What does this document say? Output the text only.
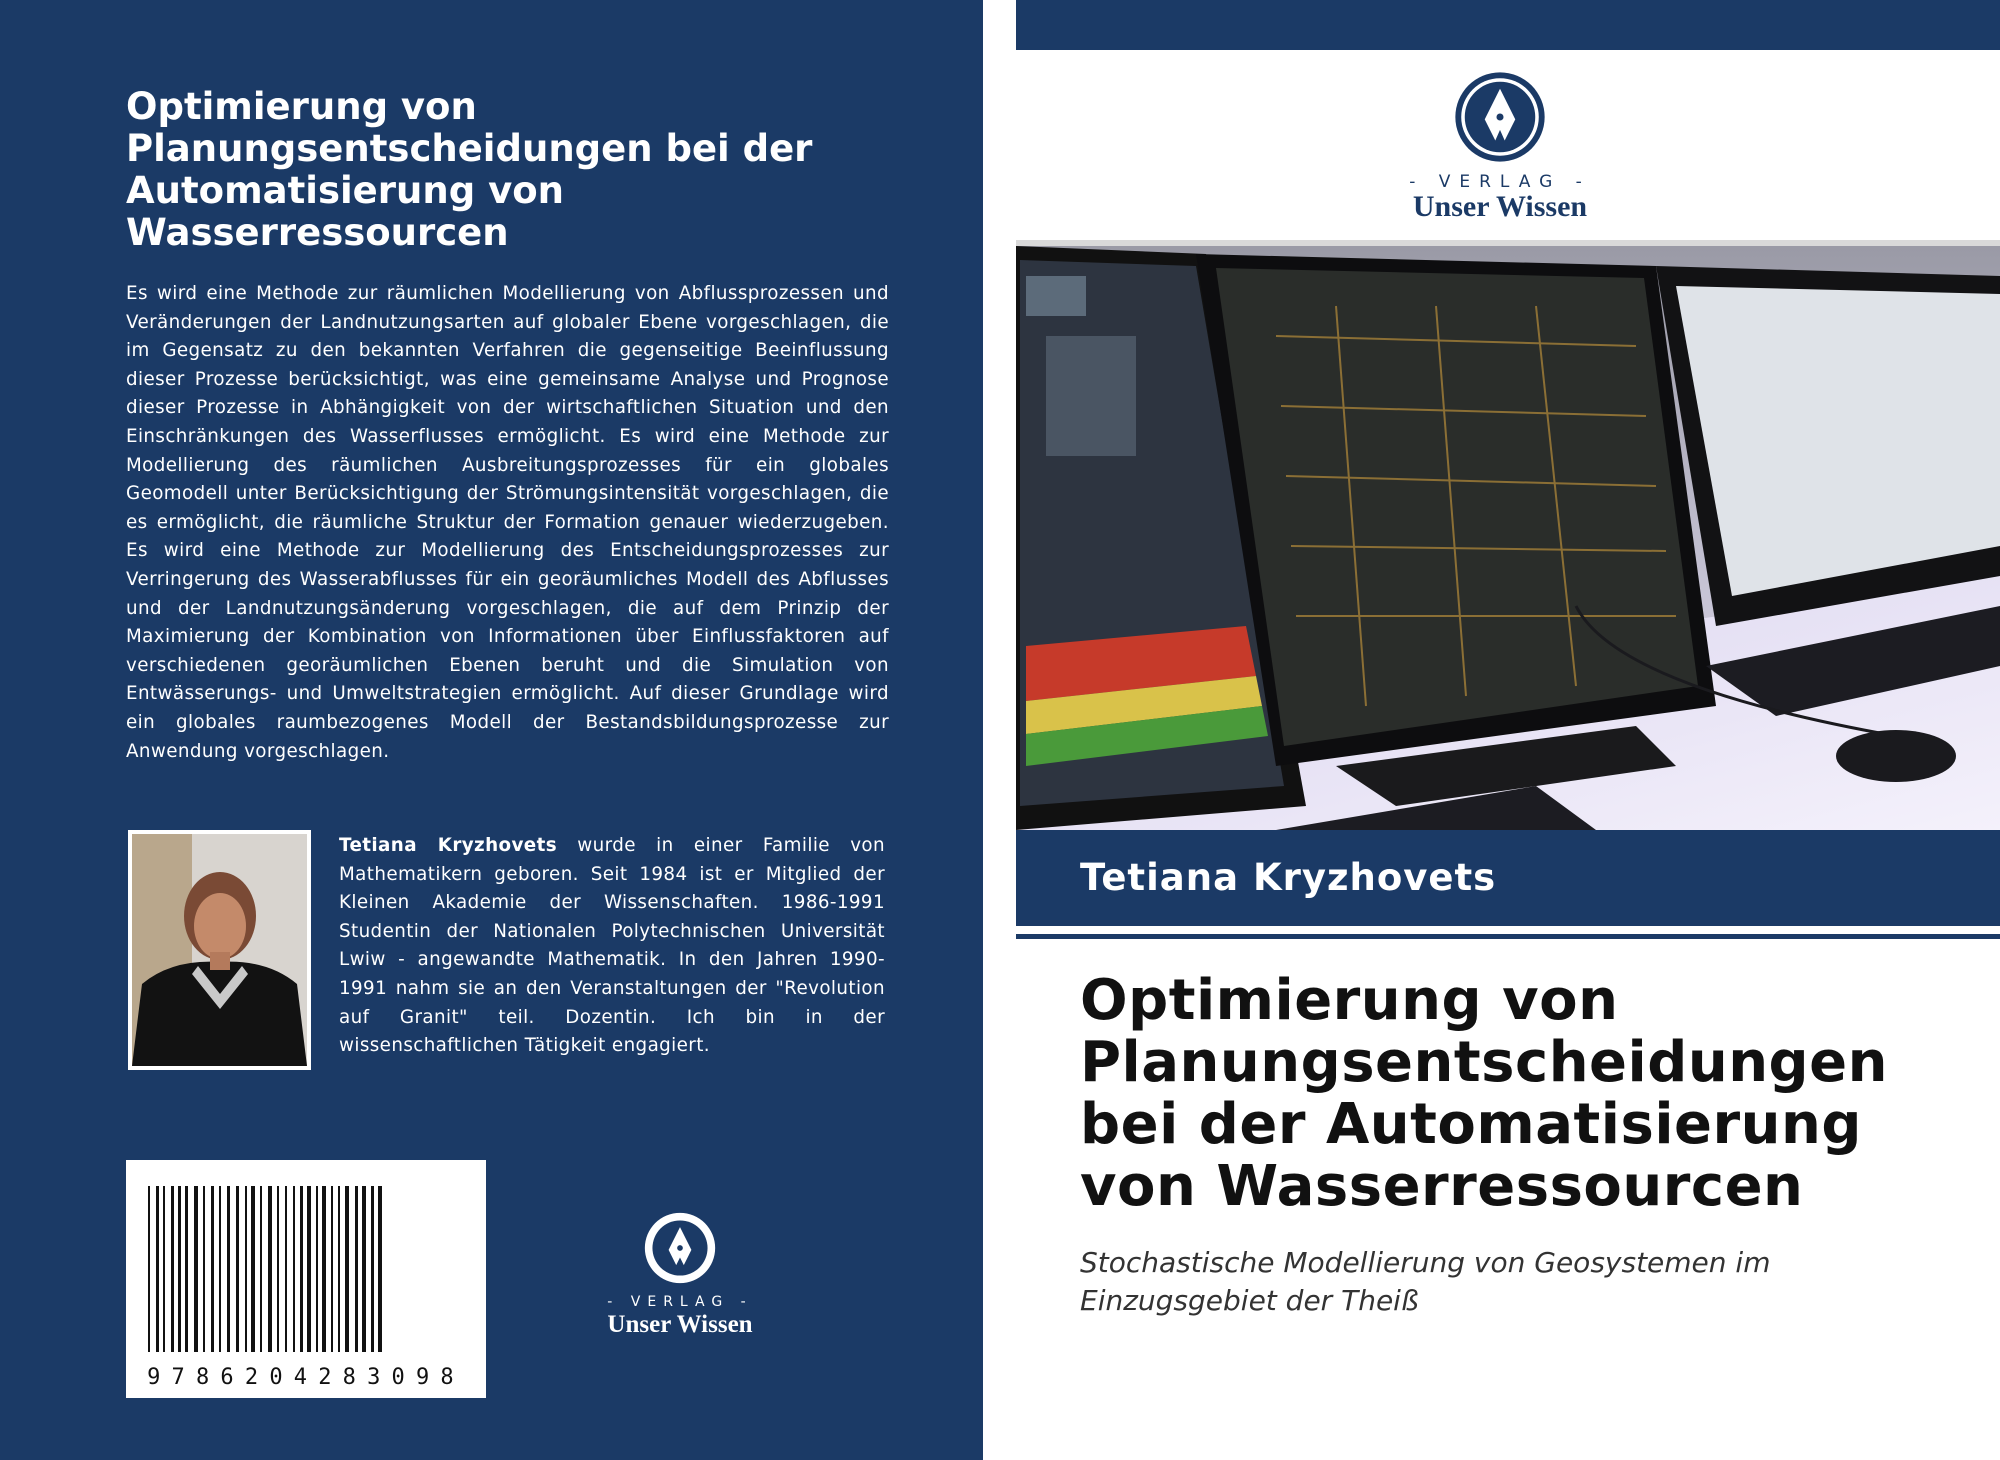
Optimierung von Planungsentscheidungen bei der Automatisierung von Wasserressourcen

Es wird eine Methode zur räumlichen Modellierung von Abflussprozessen und Veränderungen der Landnutzungsarten auf globaler Ebene vorgeschlagen, die im Gegensatz zu den bekannten Verfahren die gegenseitige Beeinflussung dieser Prozesse berücksichtigt, was eine gemeinsame Analyse und Prognose dieser Prozesse in Abhängigkeit von der wirtschaftlichen Situation und den Einschränkungen des Wasserflusses ermöglicht. Es wird eine Methode zur Modellierung des räumlichen Ausbreitungsprozesses für ein globales Geomodell unter Berücksichtigung der Strömungsintensität vorgeschlagen, die es ermöglicht, die räumliche Struktur der Formation genauer wiederzugeben. Es wird eine Methode zur Modellierung des Entscheidungsprozesses zur Verringerung des Wasserabflusses für ein georäumliches Modell des Abflusses und der Landnutzungsänderung vorgeschlagen, die auf dem Prinzip der Maximierung der Kombination von Informationen über Einflussfaktoren auf verschiedenen georäumlichen Ebenen beruht und die Simulation von Entwässerungs- und Umweltstrategien ermöglicht. Auf dieser Grundlage wird ein globales raumbezogenes Modell der Bestandsbildungsprozesse zur Anwendung vorgeschlagen.

Tetiana Kryzhovets wurde in einer Familie von Mathematikern geboren. Seit 1984 ist er Mitglied der Kleinen Akademie der Wissenschaften. 1986-1991 Studentin der Nationalen Polytechnischen Universität Lwiw - angewandte Mathematik. In den Jahren 1990-1991 nahm sie an den Veranstaltungen der "Revolution auf Granit" teil. Dozentin. Ich bin in der wissenschaftlichen Tätigkeit engagiert.

9786204283098
- VERLAG -
Unser Wissen
- VERLAG -
Unser Wissen

Tetiana Kryzhovets

Optimierung von Planungsentscheidungen bei der Automatisierung von Wasserressourcen

Stochastische Modellierung von Geosystemen im Einzugsgebiet der Theiß
